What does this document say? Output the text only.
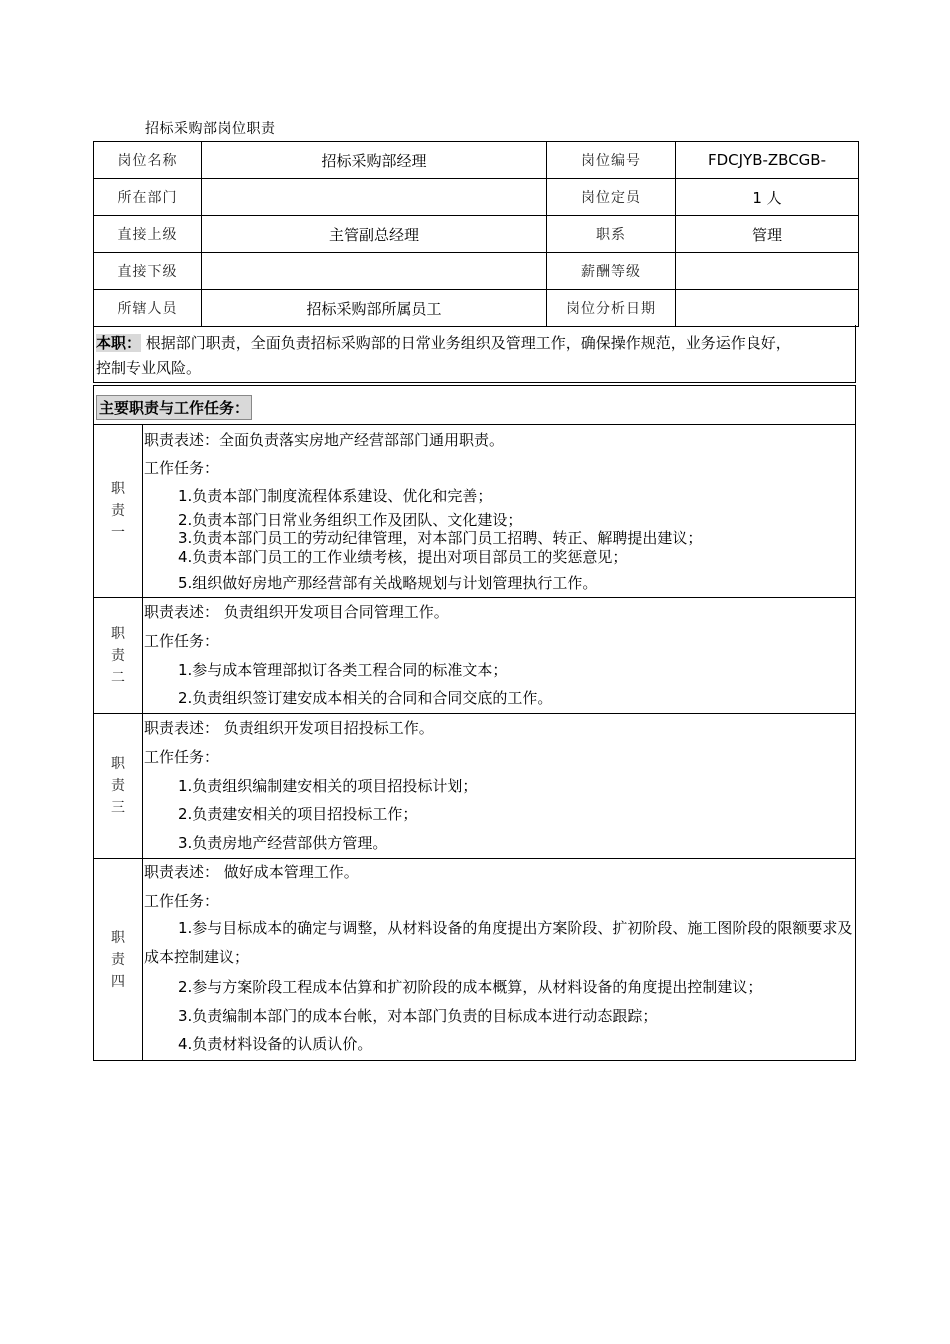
招标采购部岗位职责
岗位名称	招标采购部经理	岗位编号	FDCJYB-ZBCGB-
所在部门		岗位定员	1 人
直接上级	主管副总经理	职系	管理
直接下级		薪酬等级	
所辖人员	招标采购部所属员工	岗位分析日期	
本职： 根据部门职责，全面负责招标采购部的日常业务组织及管理工作，确保操作规范，业务运作良好，
控制专业风险。
主要职责与工作任务：
职责一
职责表述：全面负责落实房地产经营部部门通用职责。
工作任务：
1.负责本部门制度流程体系建设、优化和完善；
2.负责本部门日常业务组织工作及团队、文化建设；
3.负责本部门员工的劳动纪律管理，对本部门员工招聘、转正、解聘提出建议；
4.负责本部门员工的工作业绩考核，提出对项目部员工的奖惩意见；
5.组织做好房地产那经营部有关战略规划与计划管理执行工作。
职责二
职责表述： 负责组织开发项目合同管理工作。
工作任务：
1.参与成本管理部拟订各类工程合同的标准文本；
2.负责组织签订建安成本相关的合同和合同交底的工作。
职责三
职责表述： 负责组织开发项目招投标工作。
工作任务：
1.负责组织编制建安相关的项目招投标计划；
2.负责建安相关的项目招投标工作；
3.负责房地产经营部供方管理。
职责四
职责表述： 做好成本管理工作。
工作任务：
1.参与目标成本的确定与调整，从材料设备的角度提出方案阶段、扩初阶段、施工图阶段的限额要求及成本控制建议；
2.参与方案阶段工程成本估算和扩初阶段的成本概算，从材料设备的角度提出控制建议；
3.负责编制本部门的成本台帐，对本部门负责的目标成本进行动态跟踪；
4.负责材料设备的认质认价。
